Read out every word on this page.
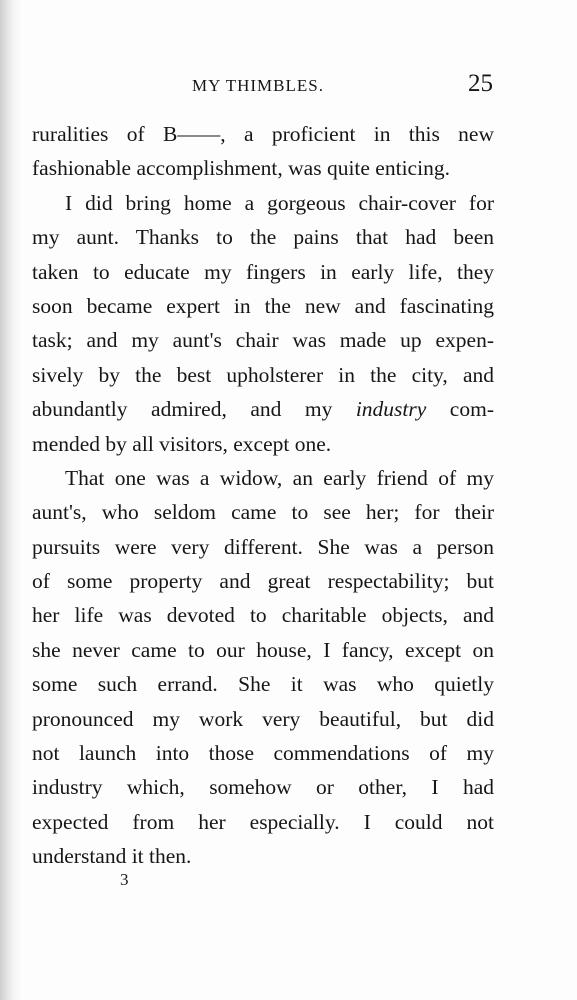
MY THIMBLES.	25
ruralities of B——, a proficient in this new
fashionable accomplishment, was quite enticing.
I did bring home a gorgeous chair-cover for
my aunt. Thanks to the pains that had been
taken to educate my fingers in early life, they
soon became expert in the new and fascinating
task; and my aunt's chair was made up expen-
sively by the best upholsterer in the city, and
abundantly admired, and my industry com-
mended by all visitors, except one.
That one was a widow, an early friend of my
aunt's, who seldom came to see her; for their
pursuits were very different. She was a person
of some property and great respectability; but
her life was devoted to charitable objects, and
she never came to our house, I fancy, except on
some such errand. She it was who quietly
pronounced my work very beautiful, but did
not launch into those commendations of my
industry which, somehow or other, I had
expected from her especially. I could not
understand it then.
3
